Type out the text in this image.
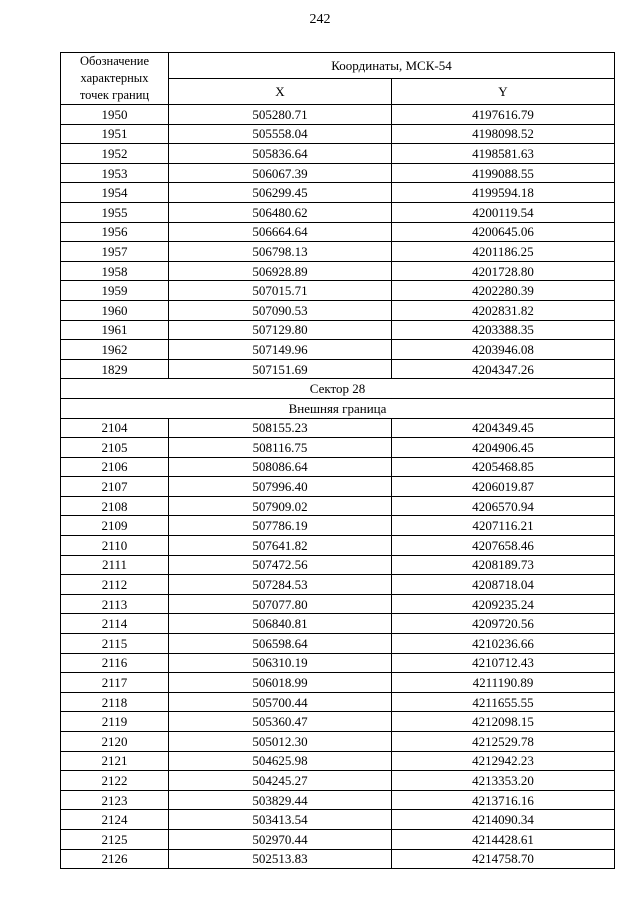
242
Обозначение
характерных
точек границ	Координаты, МСК-54	
	X	Y
1950	505280.71	4197616.79
1951	505558.04	4198098.52
1952	505836.64	4198581.63
1953	506067.39	4199088.55
1954	506299.45	4199594.18
1955	506480.62	4200119.54
1956	506664.64	4200645.06
1957	506798.13	4201186.25
1958	506928.89	4201728.80
1959	507015.71	4202280.39
1960	507090.53	4202831.82
1961	507129.80	4203388.35
1962	507149.96	4203946.08
1829	507151.69	4204347.26
Сектор 28		
Внешняя граница		
2104	508155.23	4204349.45
2105	508116.75	4204906.45
2106	508086.64	4205468.85
2107	507996.40	4206019.87
2108	507909.02	4206570.94
2109	507786.19	4207116.21
2110	507641.82	4207658.46
2111	507472.56	4208189.73
2112	507284.53	4208718.04
2113	507077.80	4209235.24
2114	506840.81	4209720.56
2115	506598.64	4210236.66
2116	506310.19	4210712.43
2117	506018.99	4211190.89
2118	505700.44	4211655.55
2119	505360.47	4212098.15
2120	505012.30	4212529.78
2121	504625.98	4212942.23
2122	504245.27	4213353.20
2123	503829.44	4213716.16
2124	503413.54	4214090.34
2125	502970.44	4214428.61
2126	502513.83	4214758.70
